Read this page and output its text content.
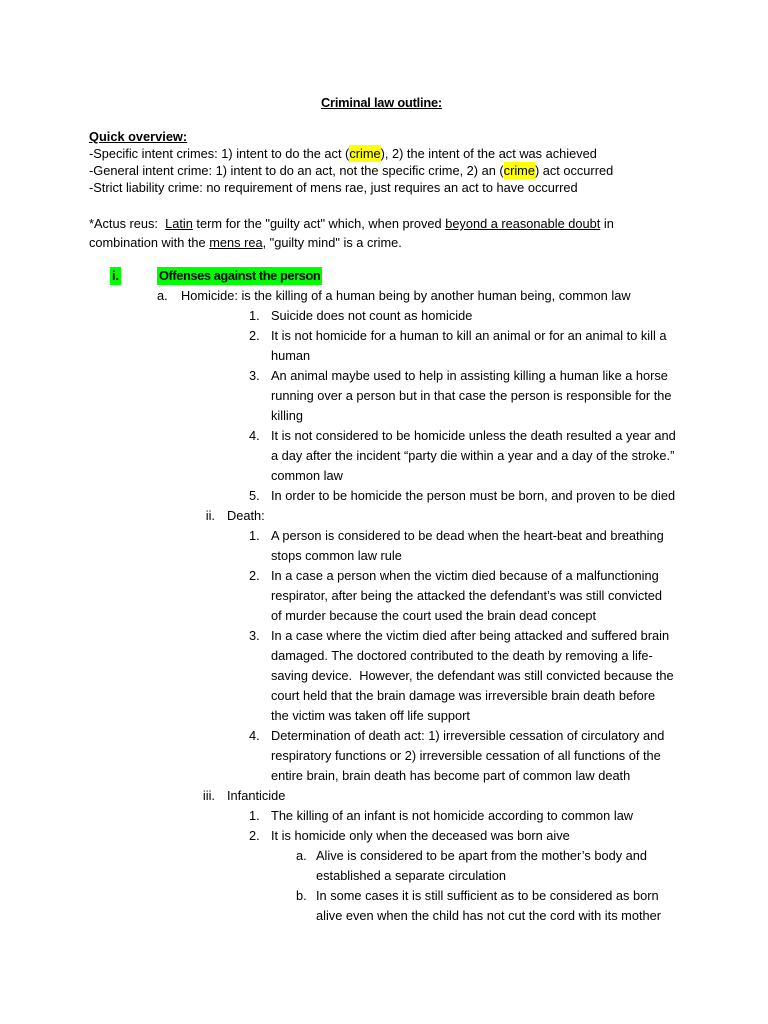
Criminal law outline:
Quick overview:
-Specific intent crimes: 1) intent to do the act (crime), 2) the intent of the act was achieved
-General intent crime: 1) intent to do an act, not the specific crime, 2) an (crime) act occurred
-Strict liability crime: no requirement of mens rae, just requires an act to have occurred
*Actus reus:  Latin term for the "guilty act" which, when proved beyond a reasonable doubt in
combination with the mens rea, "guilty mind" is a crime.
i.	Offenses against the person
a. Homicide: is the killing of a human being by another human being, common law
1. Suicide does not count as homicide
2. It is not homicide for a human to kill an animal or for an animal to kill a
human
3. An animal maybe used to help in assisting killing a human like a horse
running over a person but in that case the person is responsible for the
killing
4. It is not considered to be homicide unless the death resulted a year and
a day after the incident “party die within a year and a day of the stroke.”
common law
5. In order to be homicide the person must be born, and proven to be died
ii. Death:
1. A person is considered to be dead when the heart-beat and breathing
stops common law rule
2. In a case a person when the victim died because of a malfunctioning
respirator, after being the attacked the defendant’s was still convicted
of murder because the court used the brain dead concept
3. In a case where the victim died after being attacked and suffered brain
damaged. The doctored contributed to the death by removing a life-
saving device.  However, the defendant was still convicted because the
court held that the brain damage was irreversible brain death before
the victim was taken off life support
4. Determination of death act: 1) irreversible cessation of circulatory and
respiratory functions or 2) irreversible cessation of all functions of the
entire brain, brain death has become part of common law death
iii. Infanticide
1. The killing of an infant is not homicide according to common law
2. It is homicide only when the deceased was born aive
a. Alive is considered to be apart from the mother’s body and
established a separate circulation
b. In some cases it is still sufficient as to be considered as born
alive even when the child has not cut the cord with its mother
